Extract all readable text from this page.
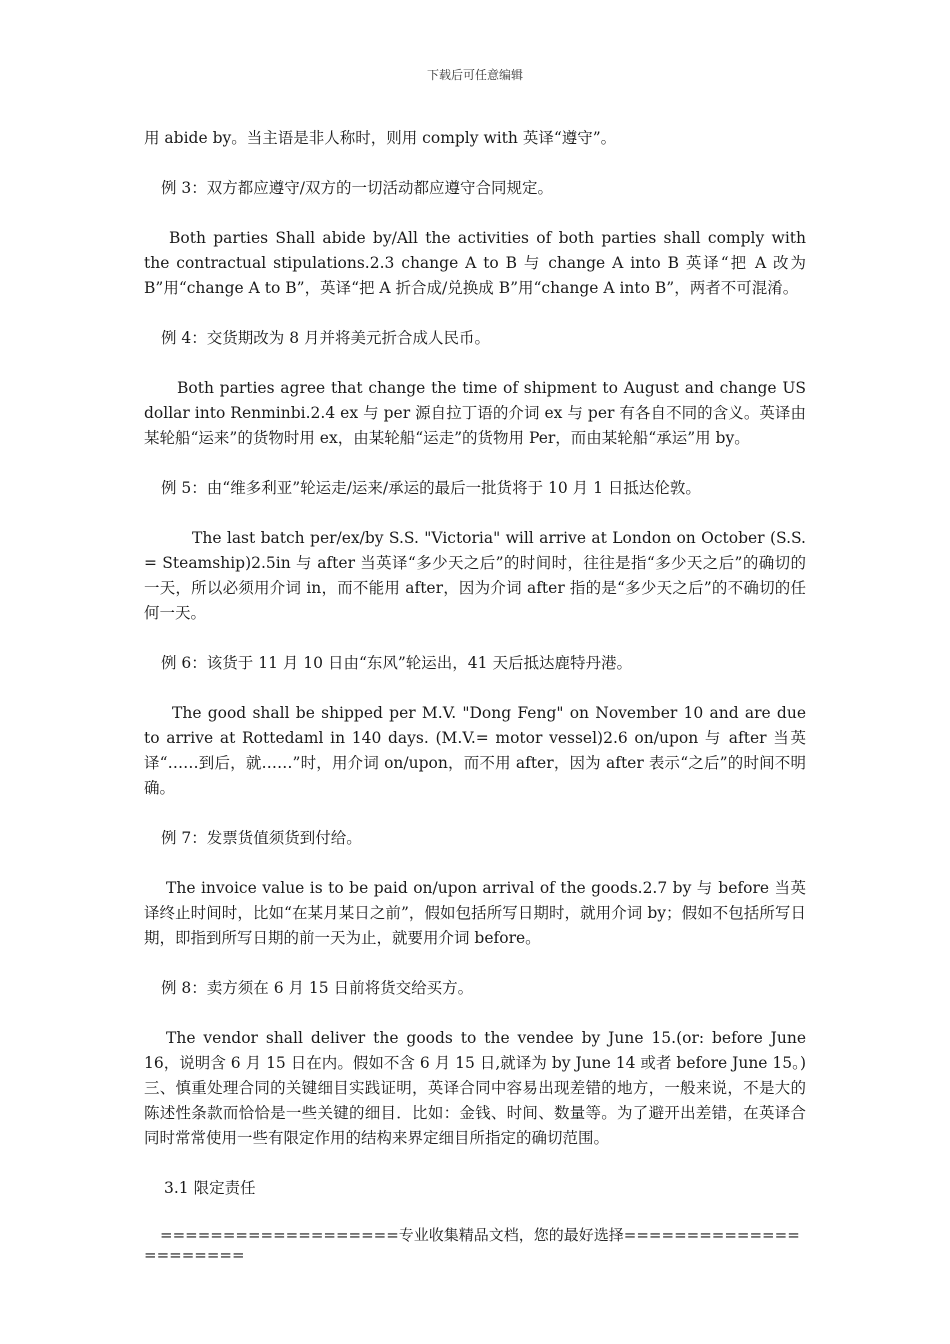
下载后可任意编辑

用 abide by。当主语是非人称时，则用 comply with 英译“遵守”。

例 3：双方都应遵守/双方的一切活动都应遵守合同规定。

Both parties Shall abide by/All the activities of both parties shall comply with the contractual stipulations.2.3 change A to B 与 change A into B 英译“把 A 改为 B”用“change A to B”，英译“把 A 折合成/兑换成 B”用“change A into B”，两者不可混淆。

例 4：交货期改为 8 月并将美元折合成人民币。

Both parties agree that change the time of shipment to August and change US dollar into Renminbi.2.4 ex 与 per 源自拉丁语的介词 ex 与 per 有各自不同的含义。英译由某轮船“运来”的货物时用 ex，由某轮船“运走”的货物用 Per，而由某轮船“承运”用 by。

例 5：由“维多利亚”轮运走/运来/承运的最后一批货将于 10 月 1 日抵达伦敦。

The last batch per/ex/by S.S. "Victoria" will arrive at London on October (S.S. = Steamship)2.5in 与 after 当英译“多少天之后”的时间时，往往是指“多少天之后”的确切的一天，所以必须用介词 in，而不能用 after，因为介词 after 指的是“多少天之后”的不确切的任何一天。

例 6：该货于 11 月 10 日由“东风”轮运出，41 天后抵达鹿特丹港。

The good shall be shipped per M.V. "Dong Feng" on November 10 and are due to arrive at Rottedaml in 140 days. (M.V.= motor vessel)2.6 on/upon 与 after 当英译“……到后，就……”时，用介词 on/upon，而不用 after，因为 after 表示“之后”的时间不明确。

例 7：发票货值须货到付给。

The invoice value is to be paid on/upon arrival of the goods.2.7 by 与 before 当英译终止时间时，比如“在某月某日之前”，假如包括所写日期时，就用介词 by；假如不包括所写日期，即指到所写日期的前一天为止，就要用介词 before。

例 8：卖方须在 6 月 15 日前将货交给买方。

The vendor shall deliver the goods to the vendee by June 15.(or: before June 16，说明含 6 月 15 日在内。假如不含 6 月 15 日,就译为 by June 14 或者 before June 15。)三、慎重处理合同的关键细目实践证明，英译合同中容易出现差错的地方，一般来说，不是大的陈述性条款而恰恰是一些关键的细目．比如：金钱、时间、数量等。为了避开出差错，在英译合同时常常使用一些有限定作用的结构来界定细目所指定的确切范围。

3.1 限定责任

===================专业收集精品文档，您的最好选择======================
